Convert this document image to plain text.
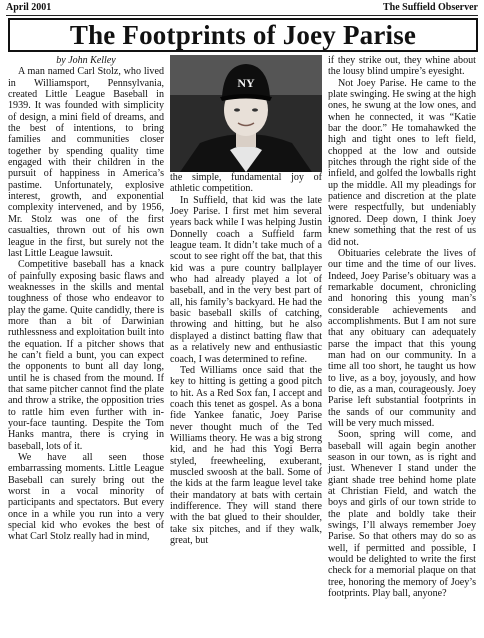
April 2001	The Suffield Observer
The Footprints of Joey Parise
by John Kelley

A man named Carl Stolz, who lived in Williamsport, Pennsylvania, created Little League Baseball in 1939. It was founded with simplicity of design, a mini field of dreams, and the best of intentions, to bring families and communities closer together by spending quality time engaged with their children in the pursuit of happiness in America’s pastime. Unfortunately, explosive interest, growth, and exponential complexity intervened, and by 1956, Mr. Stolz was one of the first casualties, thrown out of his own league in the first, but surely not the last Little League lawsuit.

Competitive baseball has a knack of painfully exposing basic flaws and weaknesses in the skills and mental toughness of those who endeavor to play the game. Quite candidly, there is more than a bit of Darwinian ruthlessness and exploitation built into the equation. If a pitcher shows that he can’t field a bunt, you can expect the opponents to bunt all day long, until he is chased from the mound. If that same pitcher cannot find the plate and throw a strike, the opposition tries to rattle him even further with in-your-face taunting. Despite the Tom Hanks mantra, there is crying in baseball, lots of it.

We have all seen those embarrassing moments. Little League Baseball can surely bring out the worst in a vocal minority of participants and spectators. But every once in a while you run into a very special kid who evokes the best of what Carl Stolz really had in mind,

NY

the simple, fundamental joy of athletic competition.

In Suffield, that kid was the late Joey Parise. I first met him several years back while I was helping Justin Donnelly coach a Suffield farm league team. It didn’t take much of a scout to see right off the bat, that this kid was a pure country ballplayer who had already played a lot of baseball, and in the very best part of all, his family’s backyard. He had the basic baseball skills of catching, throwing and hitting, but he also displayed a distinct batting flaw that as a relatively new and enthusiastic coach, I was determined to refine.

Ted Williams once said that the key to hitting is getting a good pitch to hit. As a Red Sox fan, I accept and coach this tenet as gospel. As a bona fide Yankee fanatic, Joey Parise never thought much of the Ted Williams theory. He was a big strong kid, and he had this Yogi Berra styled, freewheeling, exuberant, muscled swoosh at the ball. Some of the kids at the farm league level take their mandatory at bats with certain indifference. They will stand there with the bat glued to their shoulder, take six pitches, and if they walk, great, but

if they strike out, they whine about the lousy blind umpire’s eyesight.

Not Joey Parise. He came to the plate swinging. He swing at the high ones, he swung at the low ones, and when he connected, it was “Katie bar the door.” He tomahawked the high and tight ones to left field, chopped at the low and outside pitches through the right side of the infield, and golfed the lowballs right up the middle. All my pleadings for patience and discretion at the plate were respectfully, but undeniably ignored. Deep down, I think Joey knew something that the rest of us did not.

Obituaries celebrate the lives of our time and the time of our lives. Indeed, Joey Parise’s obituary was a remarkable document, chronicling and honoring this young man’s considerable achievements and accomplishments. But I am not sure that any obituary can adequately parse the impact that this young man had on our community. In a time all too short, he taught us how to live, as a boy, joyously, and how to die, as a man, courageously. Joey Parise left substantial footprints in the sands of our community and will be very much missed.

Soon, spring will come, and baseball will again begin another season in our town, as is right and just. Whenever I stand under the giant shade tree behind home plate at Christian Field, and watch the boys and girls of our town stride to the plate and boldly take their swings, I’ll always remember Joey Parise. So that others may do so as well, if permitted and possible, I would be delighted to write the first check for a memorial plaque on that tree, honoring the memory of Joey’s footprints. Play ball, anyone?
